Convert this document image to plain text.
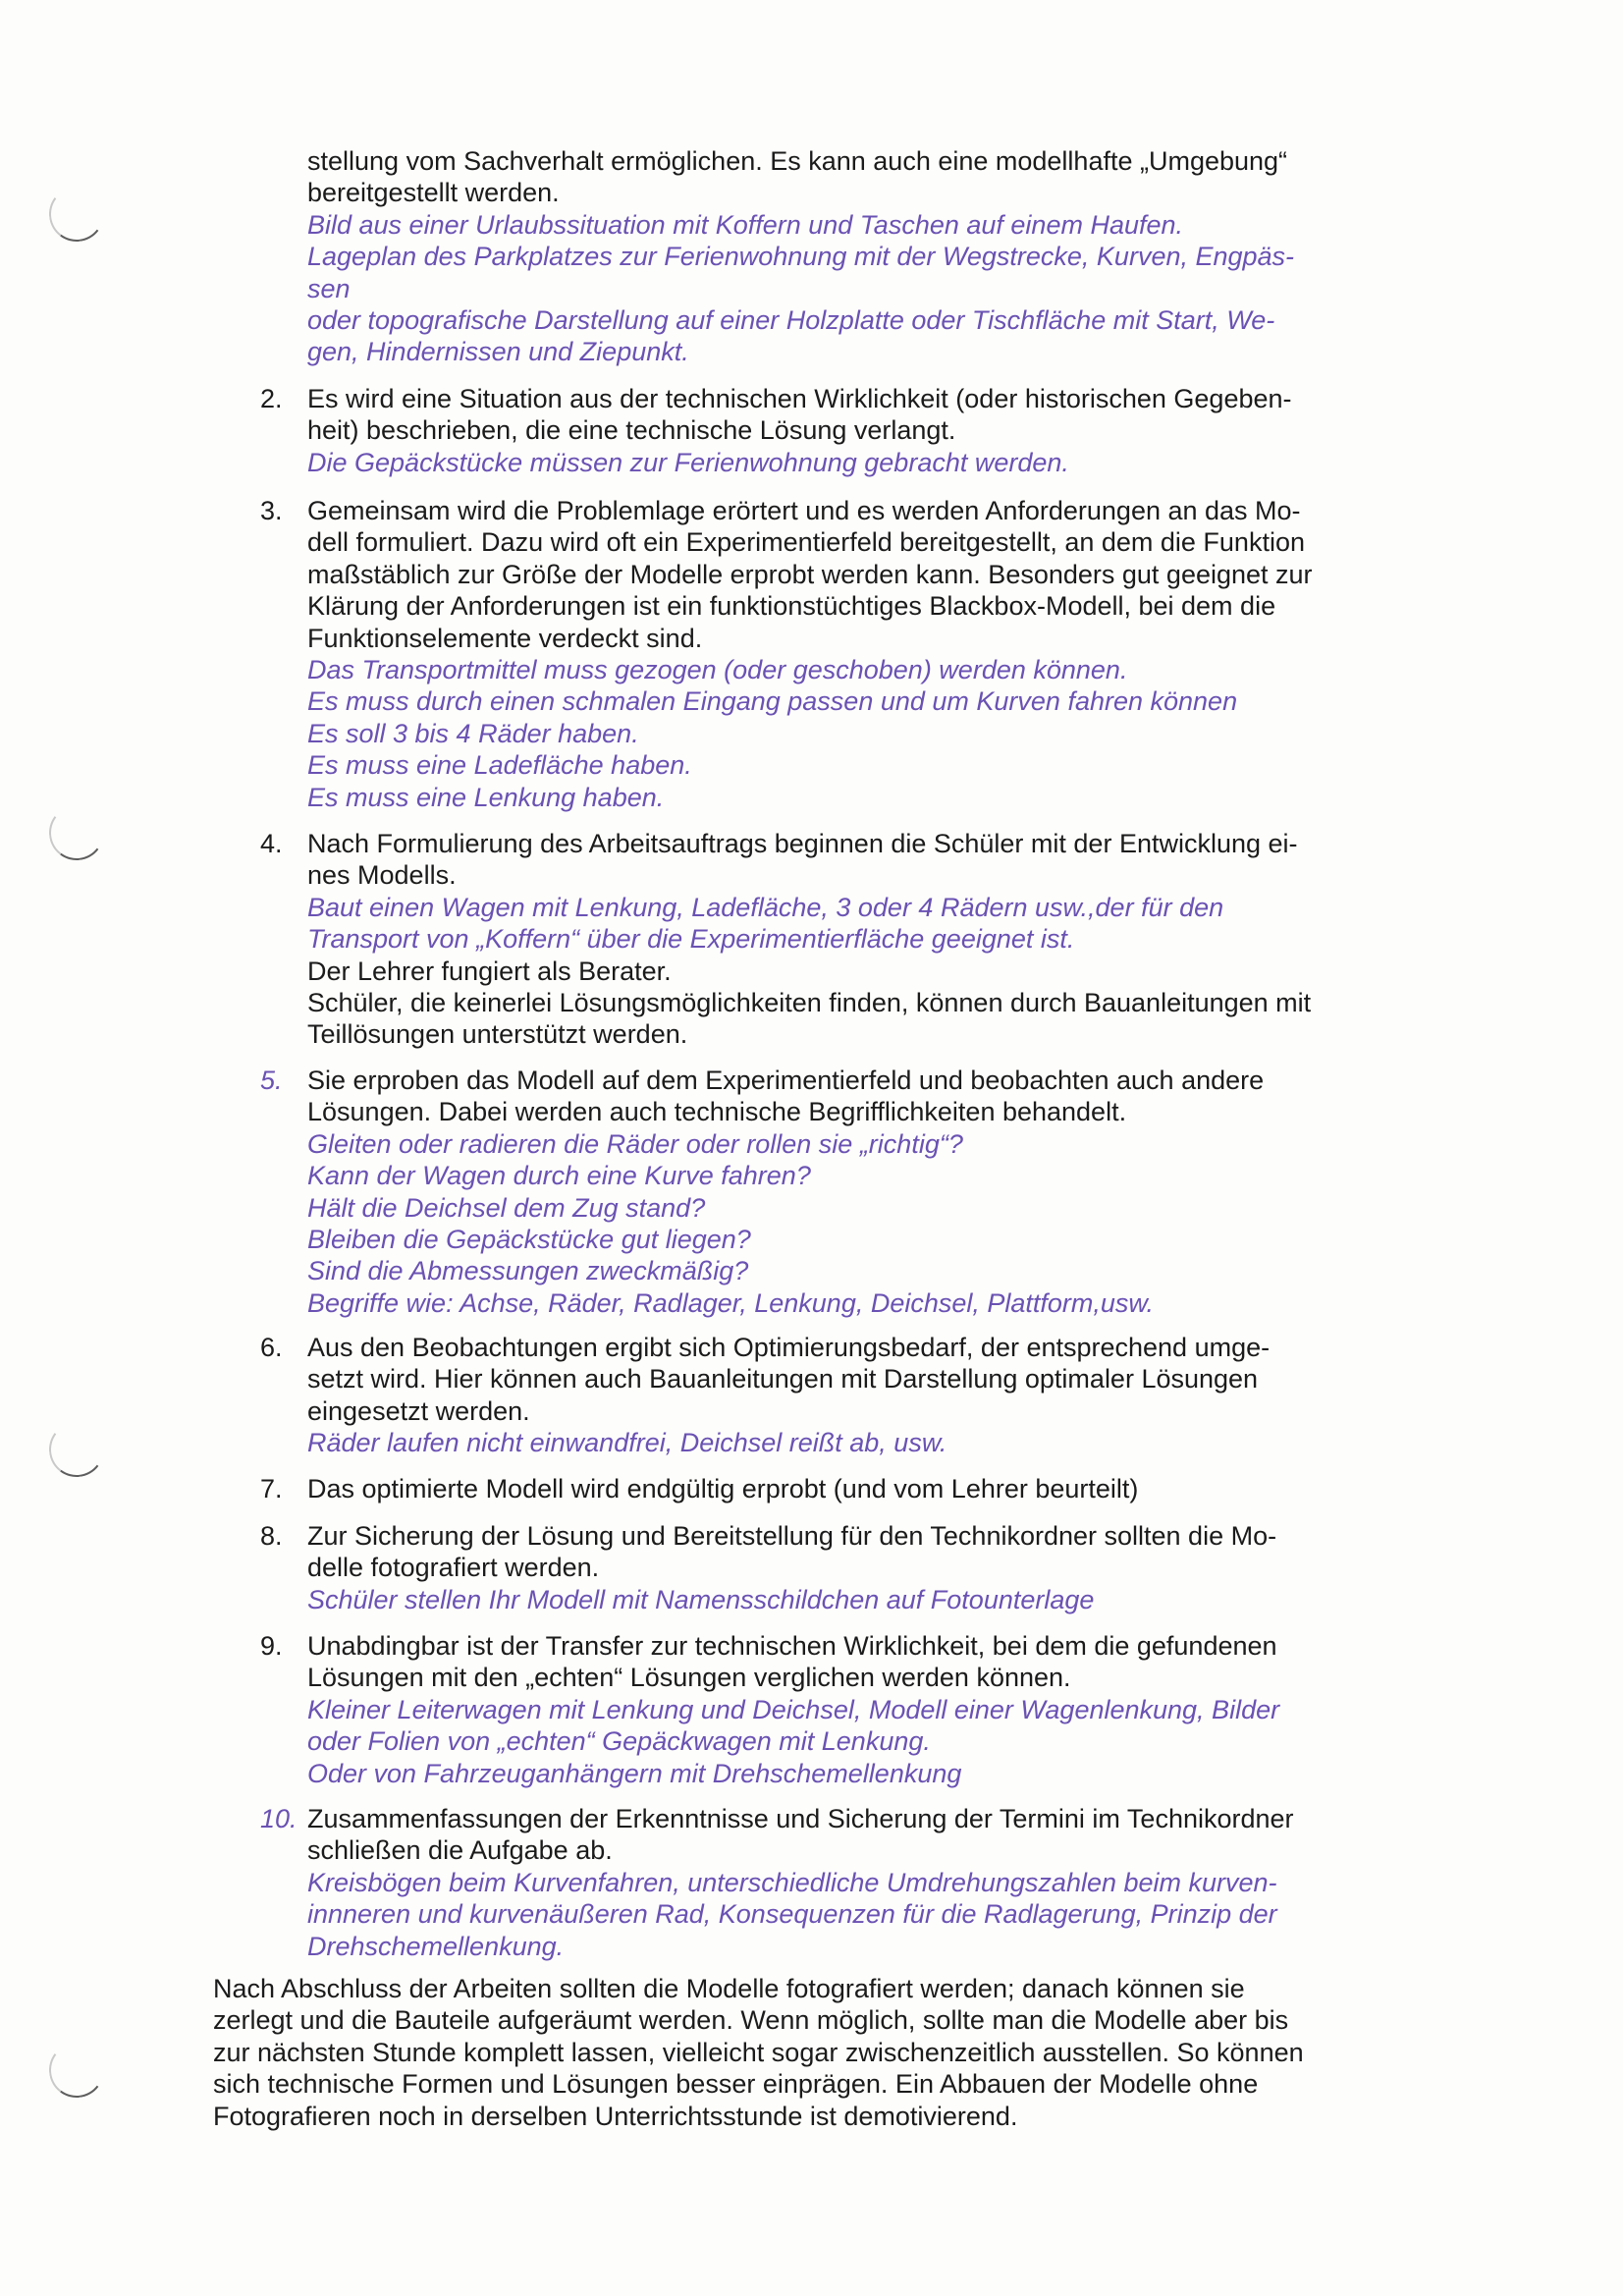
stellung vom Sachverhalt ermöglichen. Es kann auch eine modellhafte „Umgebung“
bereitgestellt werden.
Bild aus einer Urlaubssituation mit Koffern und Taschen auf einem Haufen.
Lageplan des Parkplatzes zur Ferienwohnung mit der Wegstrecke, Kurven, Engpäs-
sen
oder topografische Darstellung auf einer Holzplatte oder Tischfläche mit Start, We-
gen, Hindernissen und Ziepunkt.
2. Es wird eine Situation aus der technischen Wirklichkeit (oder historischen Gegeben-
heit) beschrieben, die eine technische Lösung verlangt.
Die Gepäckstücke müssen zur Ferienwohnung gebracht werden.
3. Gemeinsam wird die Problemlage erörtert und es werden Anforderungen an das Mo-
dell formuliert. Dazu wird oft ein Experimentierfeld bereitgestellt, an dem die Funktion
maßstäblich zur Größe der Modelle erprobt werden kann. Besonders gut geeignet zur
Klärung der Anforderungen ist ein funktionstüchtiges Blackbox-Modell, bei dem die
Funktionselemente verdeckt sind.
Das Transportmittel muss gezogen (oder geschoben) werden können.
Es muss durch einen schmalen Eingang passen und um Kurven fahren können
Es soll 3 bis 4 Räder haben.
Es muss eine Ladefläche haben.
Es muss eine Lenkung haben.
4. Nach Formulierung des Arbeitsauftrags beginnen die Schüler mit der Entwicklung ei-
nes Modells.
Baut einen Wagen mit Lenkung, Ladefläche, 3 oder 4 Rädern usw.,der für den
Transport von „Koffern“ über die Experimentierfläche geeignet ist.
Der Lehrer fungiert als Berater.
Schüler, die keinerlei Lösungsmöglichkeiten finden, können durch Bauanleitungen mit
Teillösungen unterstützt werden.
5. Sie erproben das Modell auf dem Experimentierfeld und beobachten auch andere
Lösungen. Dabei werden auch technische Begrifflichkeiten behandelt.
Gleiten oder radieren die Räder oder rollen sie „richtig“?
Kann der Wagen durch eine Kurve fahren?
Hält die Deichsel dem Zug stand?
Bleiben die Gepäckstücke gut liegen?
Sind die Abmessungen zweckmäßig?
Begriffe wie: Achse, Räder, Radlager, Lenkung, Deichsel, Plattform,usw.
6. Aus den Beobachtungen ergibt sich Optimierungsbedarf, der entsprechend umge-
setzt wird. Hier können auch Bauanleitungen mit Darstellung optimaler Lösungen
eingesetzt werden.
Räder laufen nicht einwandfrei, Deichsel reißt ab, usw.
7. Das optimierte Modell wird endgültig erprobt (und vom Lehrer beurteilt)
8. Zur Sicherung der Lösung und Bereitstellung für den Technikordner sollten die Mo-
delle fotografiert werden.
Schüler stellen Ihr Modell mit Namensschildchen auf Fotounterlage
9. Unabdingbar ist der Transfer zur technischen Wirklichkeit, bei dem die gefundenen
Lösungen mit den „echten“ Lösungen verglichen werden können.
Kleiner Leiterwagen mit Lenkung und Deichsel, Modell einer Wagenlenkung, Bilder
oder Folien von „echten“ Gepäckwagen mit Lenkung.
Oder von Fahrzeuganhängern mit Drehschemellenkung
10. Zusammenfassungen der Erkenntnisse und Sicherung der Termini im Technikordner
schließen die Aufgabe ab.
Kreisbögen beim Kurvenfahren, unterschiedliche Umdrehungszahlen beim kurven-
innneren und kurvenäußeren Rad, Konsequenzen für die Radlagerung, Prinzip der
Drehschemellenkung.
Nach Abschluss der Arbeiten sollten die Modelle fotografiert werden; danach können sie
zerlegt und die Bauteile aufgeräumt werden. Wenn möglich, sollte man die Modelle aber bis
zur nächsten Stunde komplett lassen, vielleicht sogar zwischenzeitlich ausstellen. So können
sich technische Formen und Lösungen besser einprägen. Ein Abbauen der Modelle ohne
Fotografieren noch in derselben Unterrichtsstunde ist demotivierend.
